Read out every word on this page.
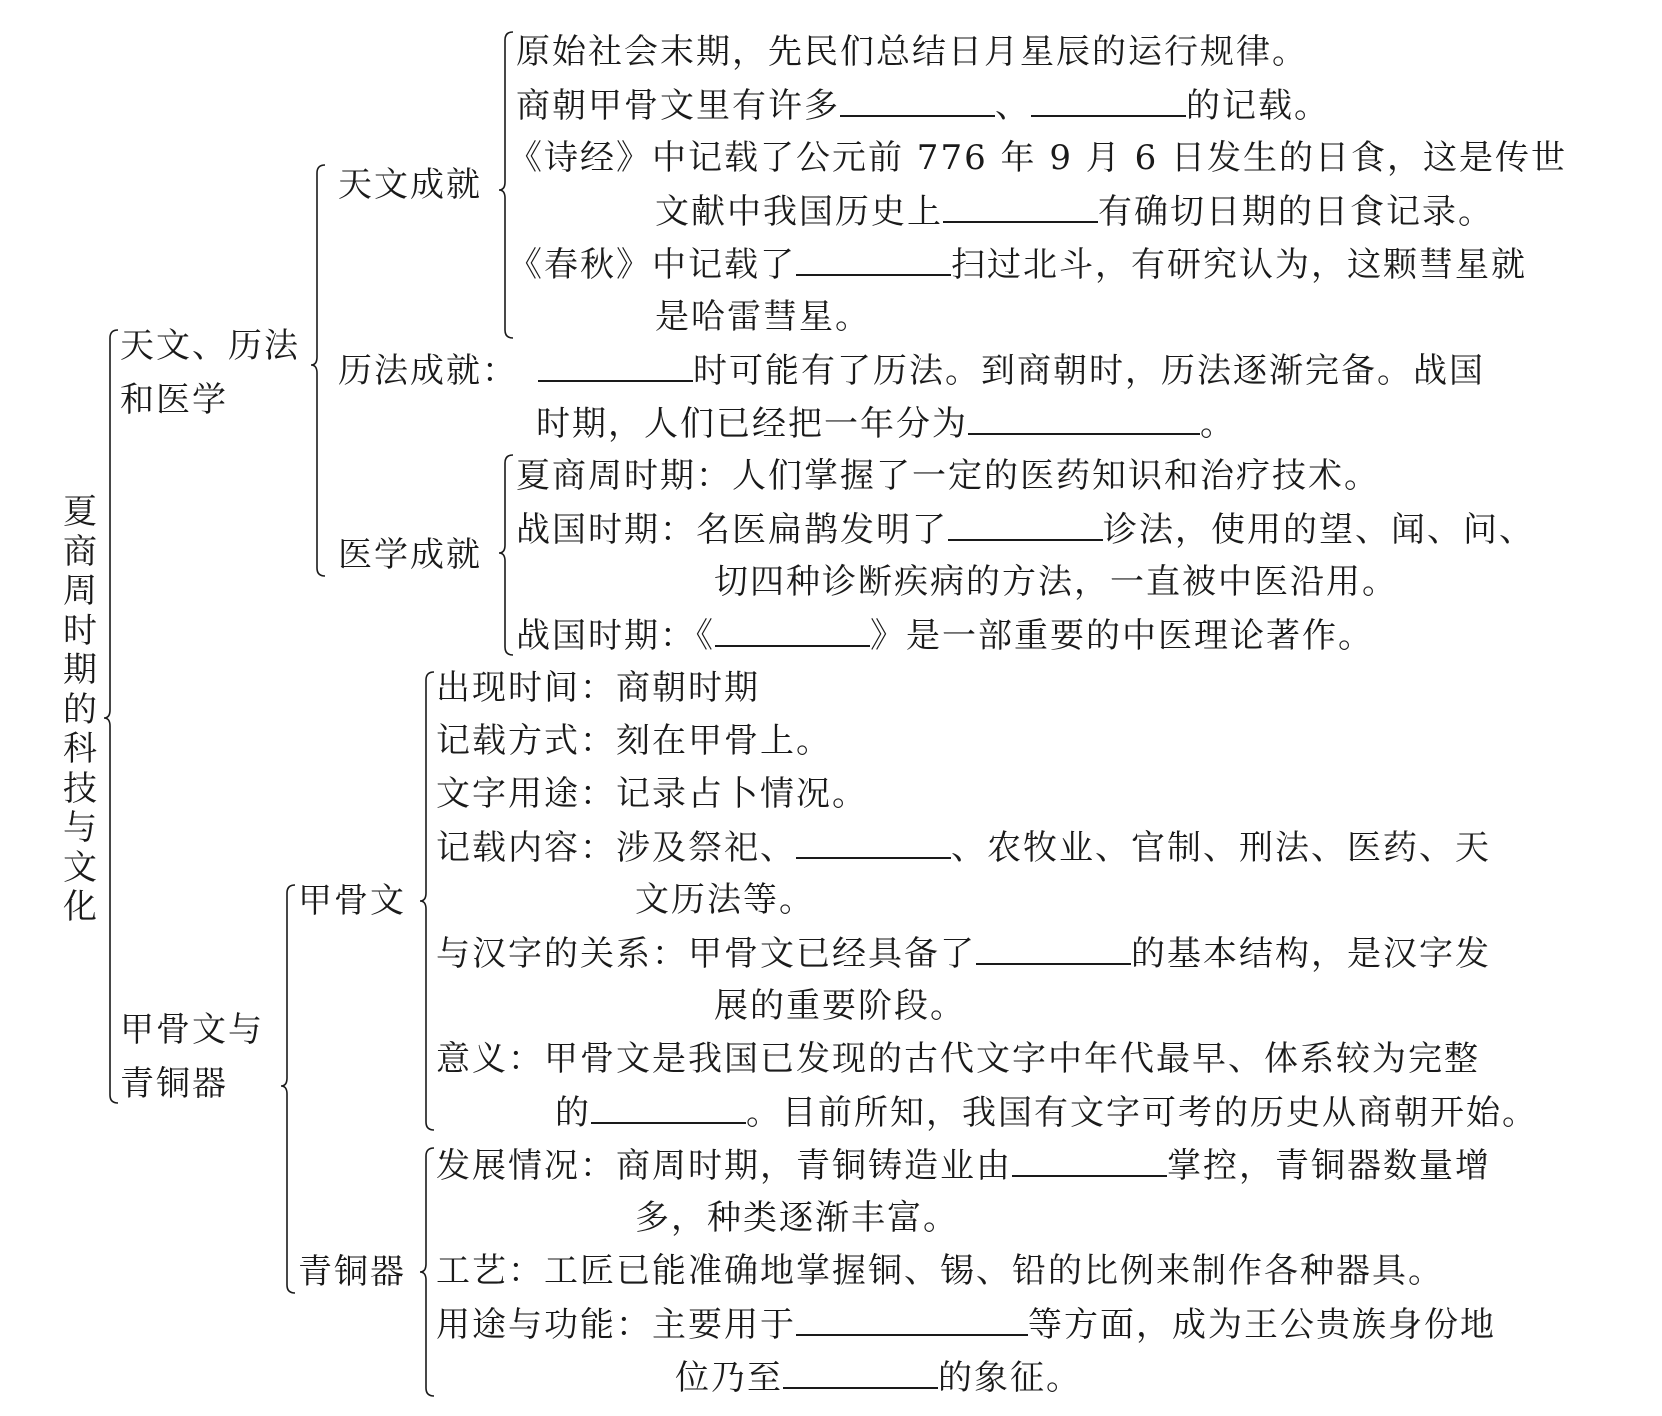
夏商周时期的科技与文化
天文、历法
和医学
天文成就
原始社会末期，先民们总结日月星辰的运行规律。
商朝甲骨文里有许多	、	的记载。
《诗经》中记载了公元前 776 年 9 月 6 日发生的日食，这是传世
文献中我国历史上	有确切日期的日食记录。
《春秋》中记载了	扫过北斗，有研究认为，这颗彗星就
是哈雷彗星。
历法成就：	时可能有了历法。到商朝时，历法逐渐完备。战国
时期，人们已经把一年分为	。
医学成就
夏商周时期：人们掌握了一定的医药知识和治疗技术。
战国时期：名医扁鹊发明了	诊法，使用的望、闻、问、
切四种诊断疾病的方法，一直被中医沿用。
战国时期：《	》是一部重要的中医理论著作。
甲骨文与
青铜器
甲骨文
出现时间：商朝时期
记载方式：刻在甲骨上。
文字用途：记录占卜情况。
记载内容：涉及祭祀、	、农牧业、官制、刑法、医药、天
文历法等。
与汉字的关系：甲骨文已经具备了	的基本结构，是汉字发
展的重要阶段。
意义：甲骨文是我国已发现的古代文字中年代最早、体系较为完整
的	。目前所知，我国有文字可考的历史从商朝开始。
青铜器
发展情况：商周时期，青铜铸造业由	掌控，青铜器数量增
多，种类逐渐丰富。
工艺：工匠已能准确地掌握铜、锡、铅的比例来制作各种器具。
用途与功能：主要用于	等方面，成为王公贵族身份地
位乃至	的象征。
